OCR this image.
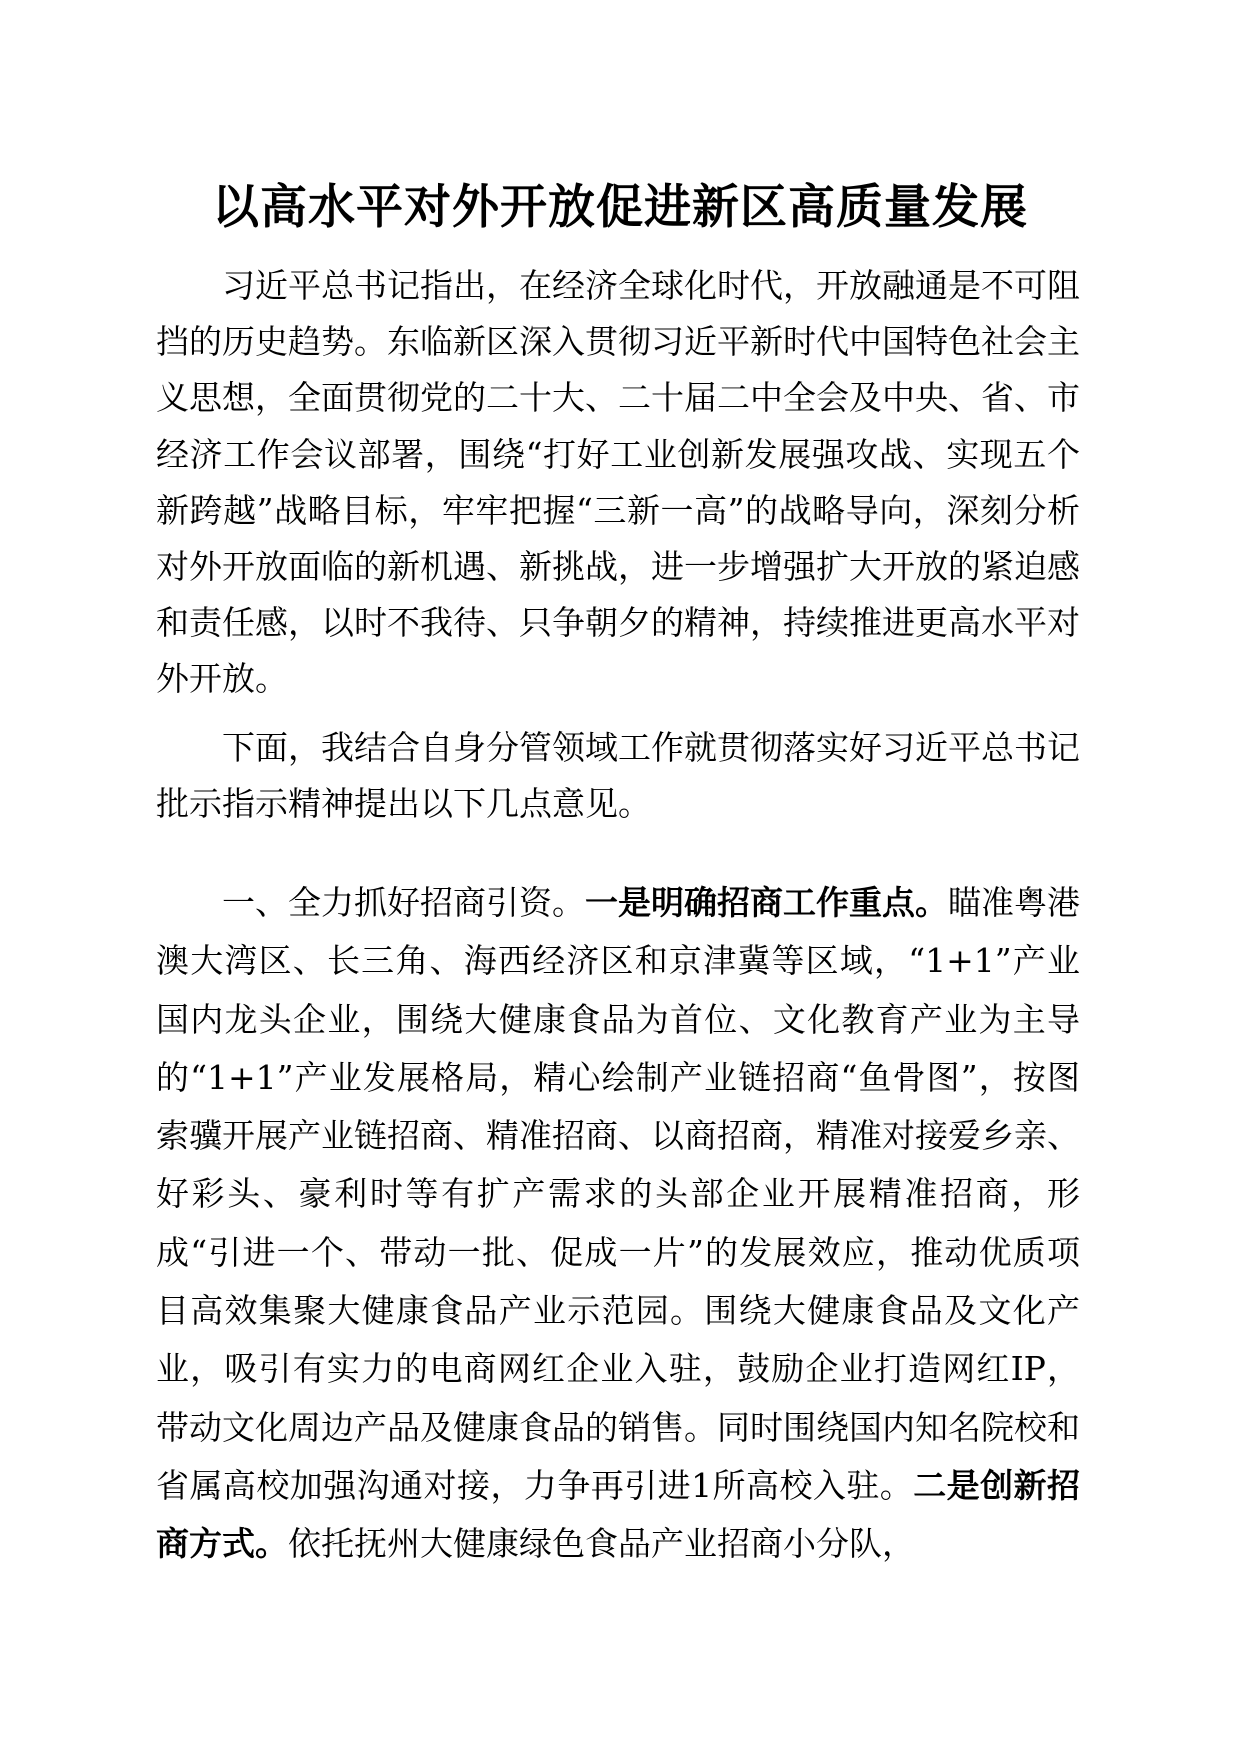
以高水平对外开放促进新区高质量发展

习近平总书记指出，在经济全球化时代，开放融通是不可阻挡的历史趋势。东临新区深入贯彻习近平新时代中国特色社会主义思想，全面贯彻党的二十大、二十届二中全会及中央、省、市经济工作会议部署，围绕“打好工业创新发展强攻战、实现五个新跨越”战略目标，牢牢把握“三新一高”的战略导向，深刻分析对外开放面临的新机遇、新挑战，进一步增强扩大开放的紧迫感和责任感，以时不我待、只争朝夕的精神，持续推进更高水平对外开放。

下面，我结合自身分管领域工作就贯彻落实好习近平总书记批示指示精神提出以下几点意见。

一、全力抓好招商引资。一是明确招商工作重点。瞄准粤港澳大湾区、长三角、海西经济区和京津冀等区域，“1+1”产业国内龙头企业，围绕大健康食品为首位、文化教育产业为主导的“1+1”产业发展格局，精心绘制产业链招商“鱼骨图”，按图索骥开展产业链招商、精准招商、以商招商，精准对接爱乡亲、好彩头、豪利时等有扩产需求的头部企业开展精准招商，形成“引进一个、带动一批、促成一片”的发展效应，推动优质项目高效集聚大健康食品产业示范园。围绕大健康食品及文化产业，吸引有实力的电商网红企业入驻，鼓励企业打造网红IP，带动文化周边产品及健康食品的销售。同时围绕国内知名院校和省属高校加强沟通对接，力争再引进1所高校入驻。二是创新招商方式。依托抚州大健康绿色食品产业招商小分队，
